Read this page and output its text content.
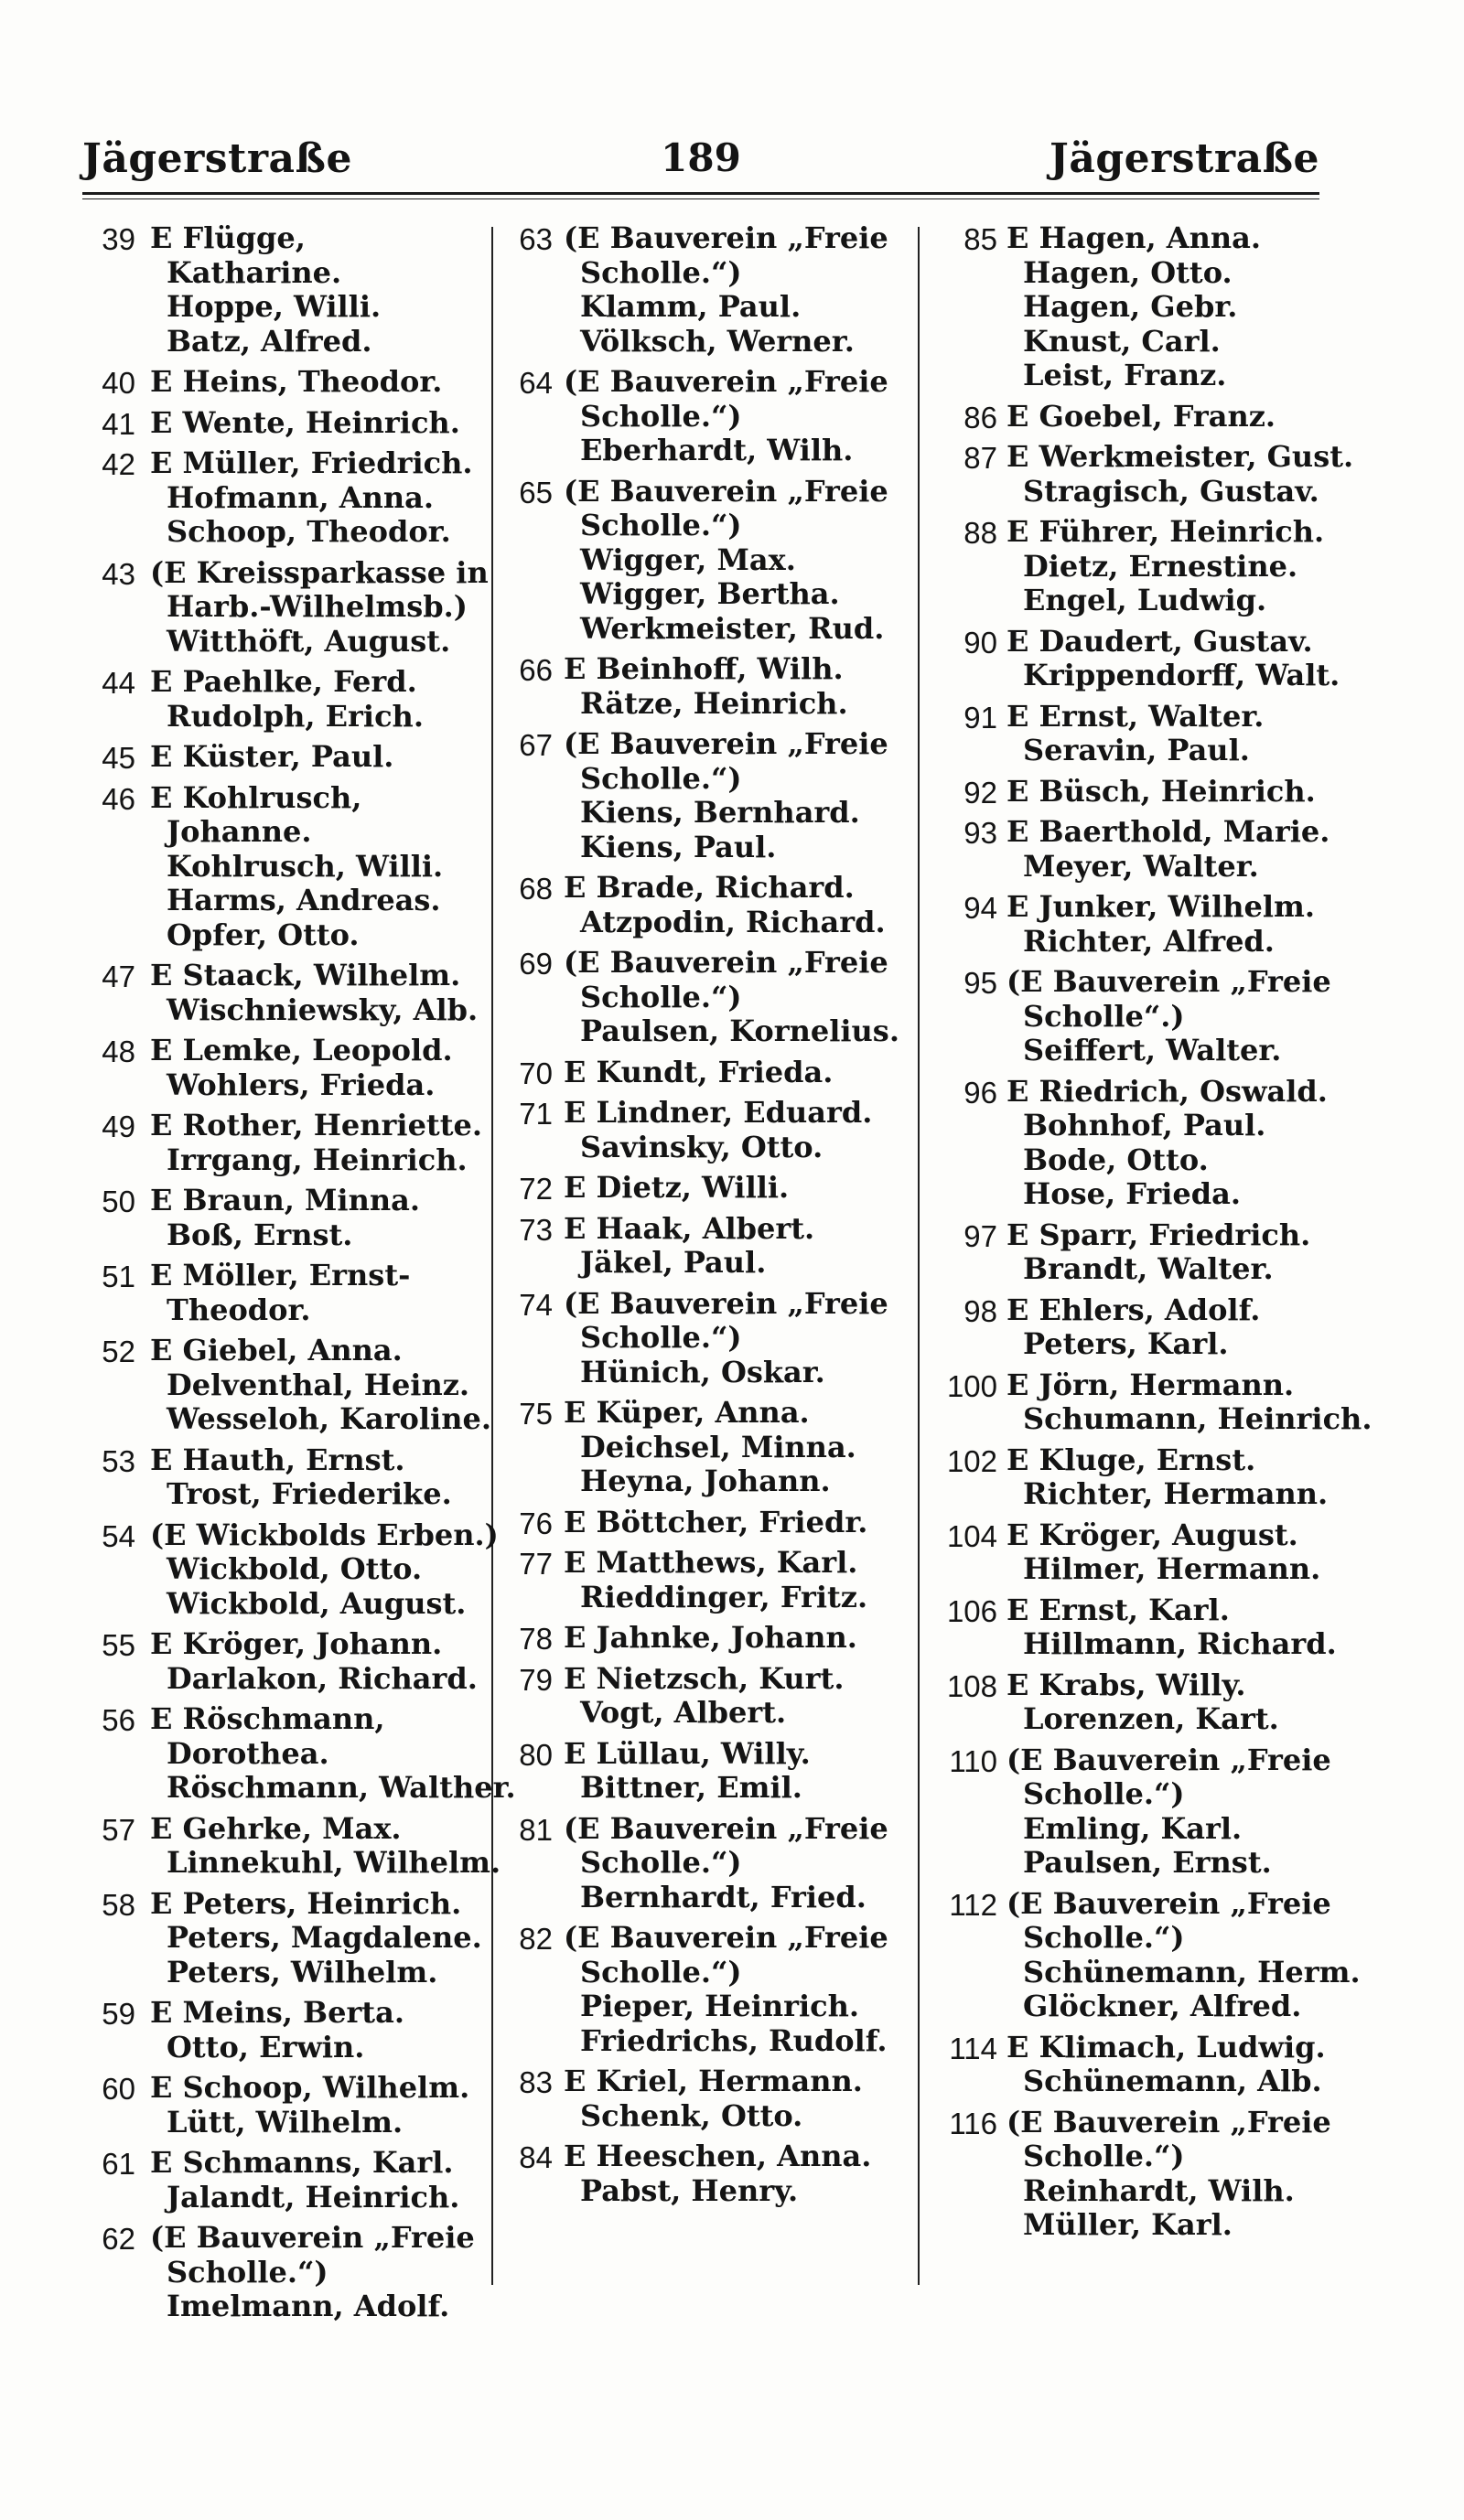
Jägerstraße	189	Jägerstraße
39 E Flügge,
Katharine.
Hoppe, Willi.
Batz, Alfred.
40 E Heins, Theodor.
41 E Wente, Heinrich.
42 E Müller, Friedrich.
Hofmann, Anna.
Schoop, Theodor.
43 (E Kreissparkasse in
Harb.-Wilhelmsb.)
Witthöft, August.
44 E Paehlke, Ferd.
Rudolph, Erich.
45 E Küster, Paul.
46 E Kohlrusch,
Johanne.
Kohlrusch, Willi.
Harms, Andreas.
Opfer, Otto.
47 E Staack, Wilhelm.
Wischniewsky, Alb.
48 E Lemke, Leopold.
Wohlers, Frieda.
49 E Rother, Henriette.
Irrgang, Heinrich.
50 E Braun, Minna.
Boß, Ernst.
51 E Möller, Ernst-
Theodor.
52 E Giebel, Anna.
Delventhal, Heinz.
Wesseloh, Karoline.
53 E Hauth, Ernst.
Trost, Friederike.
54 (E Wickbolds Erben.)
Wickbold, Otto.
Wickbold, August.
55 E Kröger, Johann.
Darlakon, Richard.
56 E Röschmann,
Dorothea.
Röschmann, Walther.
57 E Gehrke, Max.
Linnekuhl, Wilhelm.
58 E Peters, Heinrich.
Peters, Magdalene.
Peters, Wilhelm.
59 E Meins, Berta.
Otto, Erwin.
60 E Schoop, Wilhelm.
Lütt, Wilhelm.
61 E Schmanns, Karl.
Jalandt, Heinrich.
62 (E Bauverein „Freie
Scholle.“)
Imelmann, Adolf.
63 (E Bauverein „Freie
Scholle.“)
Klamm, Paul.
Völksch, Werner.
64 (E Bauverein „Freie
Scholle.“)
Eberhardt, Wilh.
65 (E Bauverein „Freie
Scholle.“)
Wigger, Max.
Wigger, Bertha.
Werkmeister, Rud.
66 E Beinhoff, Wilh.
Rätze, Heinrich.
67 (E Bauverein „Freie
Scholle.“)
Kiens, Bernhard.
Kiens, Paul.
68 E Brade, Richard.
Atzpodin, Richard.
69 (E Bauverein „Freie
Scholle.“)
Paulsen, Kornelius.
70 E Kundt, Frieda.
71 E Lindner, Eduard.
Savinsky, Otto.
72 E Dietz, Willi.
73 E Haak, Albert.
Jäkel, Paul.
74 (E Bauverein „Freie
Scholle.“)
Hünich, Oskar.
75 E Küper, Anna.
Deichsel, Minna.
Heyna, Johann.
76 E Böttcher, Friedr.
77 E Matthews, Karl.
Rieddinger, Fritz.
78 E Jahnke, Johann.
79 E Nietzsch, Kurt.
Vogt, Albert.
80 E Lüllau, Willy.
Bittner, Emil.
81 (E Bauverein „Freie
Scholle.“)
Bernhardt, Fried.
82 (E Bauverein „Freie
Scholle.“)
Pieper, Heinrich.
Friedrichs, Rudolf.
83 E Kriel, Hermann.
Schenk, Otto.
84 E Heeschen, Anna.
Pabst, Henry.
85 E Hagen, Anna.
Hagen, Otto.
Hagen, Gebr.
Knust, Carl.
Leist, Franz.
86 E Goebel, Franz.
87 E Werkmeister, Gust.
Stragisch, Gustav.
88 E Führer, Heinrich.
Dietz, Ernestine.
Engel, Ludwig.
90 E Daudert, Gustav.
Krippendorff, Walt.
91 E Ernst, Walter.
Seravin, Paul.
92 E Büsch, Heinrich.
93 E Baerthold, Marie.
Meyer, Walter.
94 E Junker, Wilhelm.
Richter, Alfred.
95 (E Bauverein „Freie
Scholle“.)
Seiffert, Walter.
96 E Riedrich, Oswald.
Bohnhof, Paul.
Bode, Otto.
Hose, Frieda.
97 E Sparr, Friedrich.
Brandt, Walter.
98 E Ehlers, Adolf.
Peters, Karl.
100 E Jörn, Hermann.
Schumann, Heinrich.
102 E Kluge, Ernst.
Richter, Hermann.
104 E Kröger, August.
Hilmer, Hermann.
106 E Ernst, Karl.
Hillmann, Richard.
108 E Krabs, Willy.
Lorenzen, Kart.
110 (E Bauverein „Freie
Scholle.“)
Emling, Karl.
Paulsen, Ernst.
112 (E Bauverein „Freie
Scholle.“)
Schünemann, Herm.
Glöckner, Alfred.
114 E Klimach, Ludwig.
Schünemann, Alb.
116 (E Bauverein „Freie
Scholle.“)
Reinhardt, Wilh.
Müller, Karl.
